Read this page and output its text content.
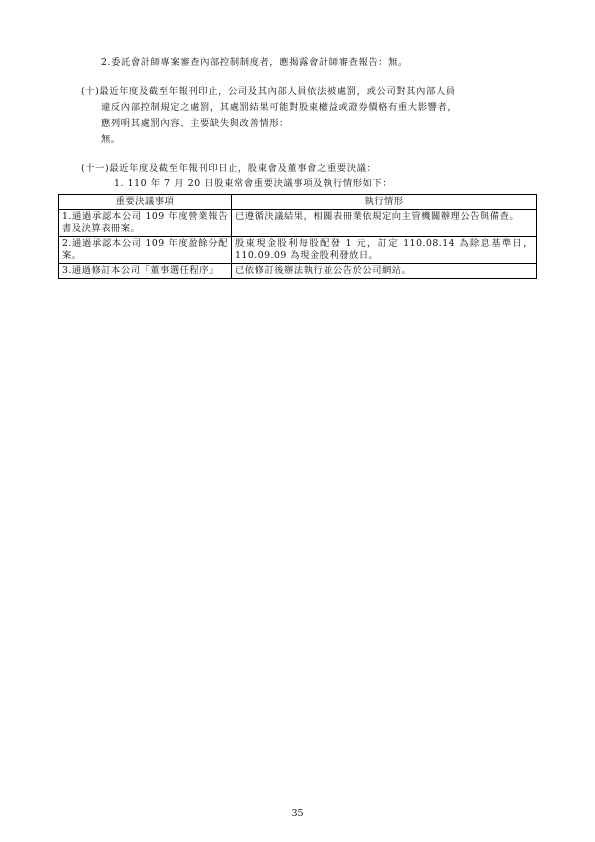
2.委託會計師專案審查內部控制制度者，應揭露會計師審查報告：無。
(十)最近年度及截至年報刊印止，公司及其內部人員依法被處罰，或公司對其內部人員
違反內部控制規定之處罰，其處罰結果可能對股東權益或證券價格有重大影響者，
應列明其處罰內容、主要缺失與改善情形：
無。
(十一)最近年度及截至年報刊印日止，股東會及董事會之重要決議：
1. 110 年 7 月 20 日股東常會重要決議事項及執行情形如下：
重要決議事項	執行情形
1.通過承認本公司 109 年度營業報告書及決算表冊案。	已遵循決議結果，相關表冊業依規定向主管機關辦理公告與備查。
2.通過承認本公司 109 年度盈餘分配案。	股東現金股利每股配發 1 元，訂定 110.08.14 為除息基準日，110.09.09 為現金股利發放日。
3.通過修訂本公司「董事選任程序」	已依修訂後辦法執行並公告於公司網站。
35
